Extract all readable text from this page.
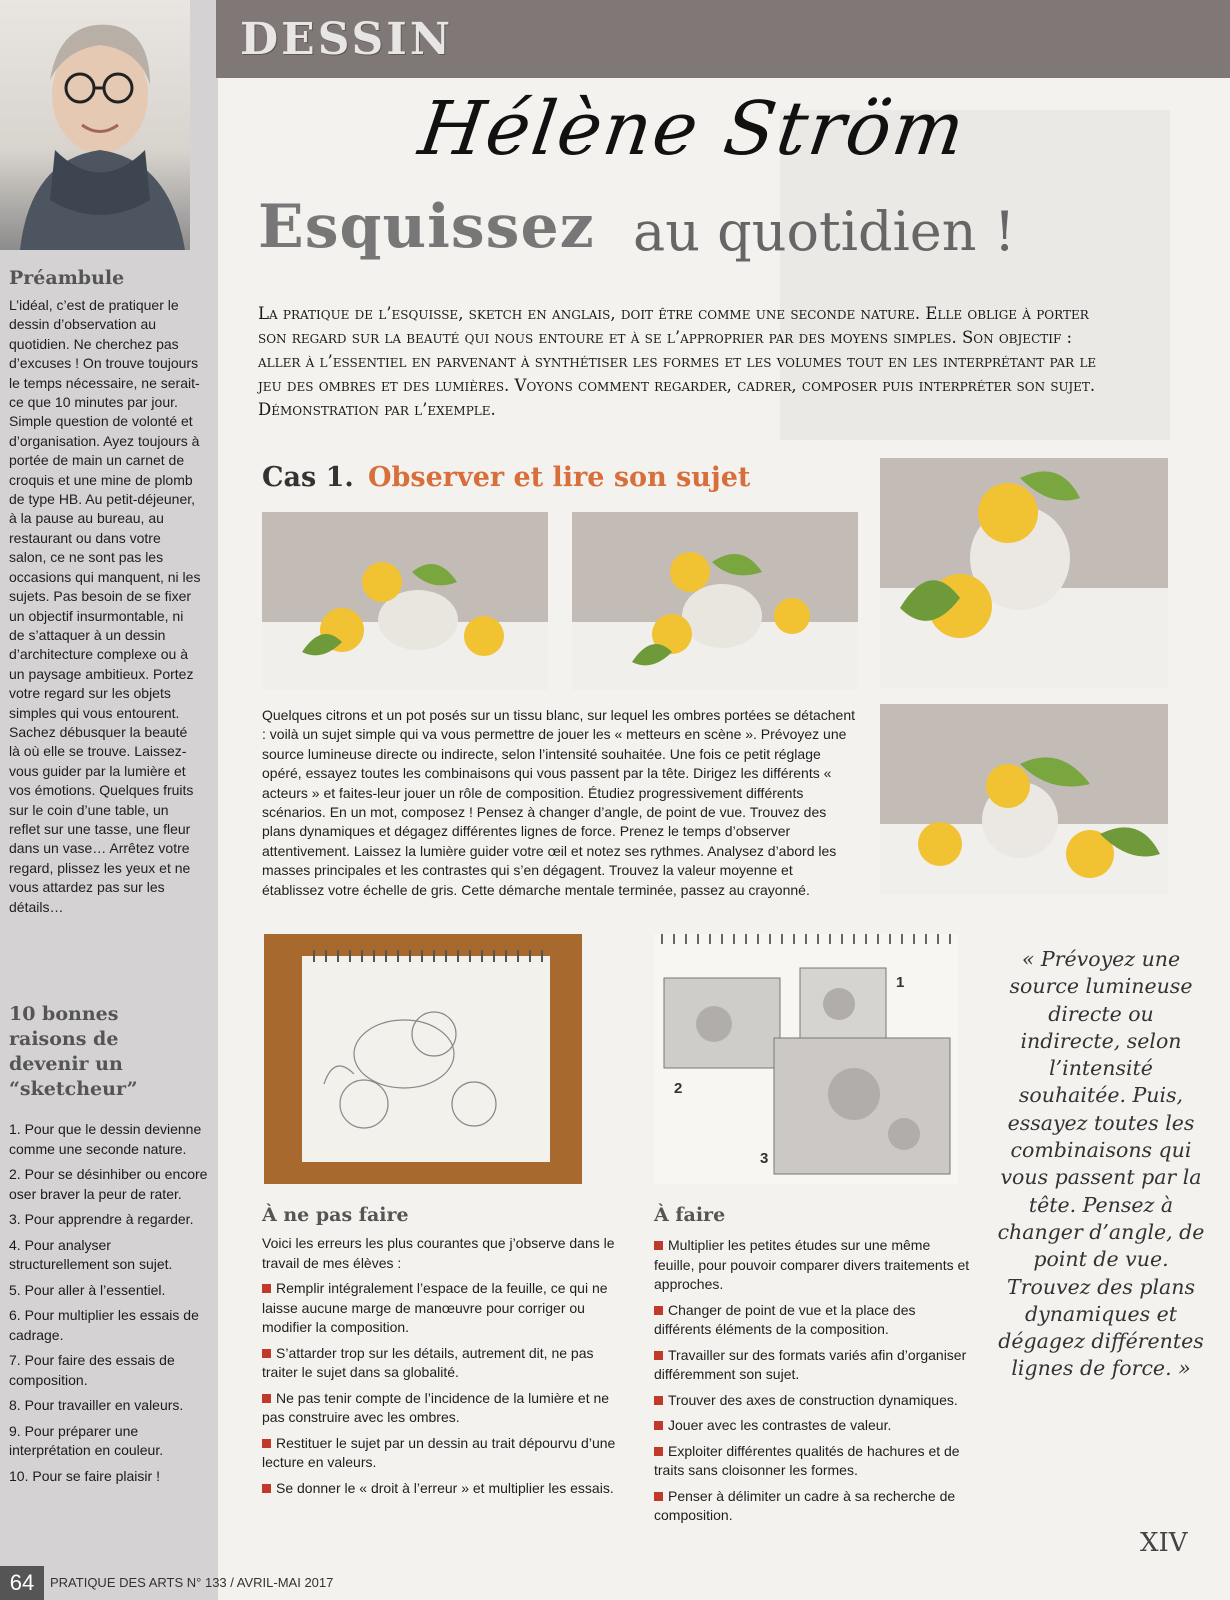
Préambule
L’idéal, c’est de pratiquer le dessin d’observation au quotidien. Ne cherchez pas d’excuses ! On trouve toujours le temps nécessaire, ne serait-ce que 10 minutes par jour. Simple question de volonté et d’organisation. Ayez toujours à portée de main un carnet de croquis et une mine de plomb de type HB. Au petit-déjeuner, à la pause au bureau, au restaurant ou dans votre salon, ce ne sont pas les occasions qui manquent, ni les sujets. Pas besoin de se fixer un objectif insurmontable, ni de s’attaquer à un dessin d’architecture complexe ou à un paysage ambitieux. Portez votre regard sur les objets simples qui vous entourent. Sachez débusquer la beauté là où elle se trouve. Laissez-vous guider par la lumière et vos émotions. Quelques fruits sur le coin d’une table, un reflet sur une tasse, une fleur dans un vase… Arrêtez votre regard, plissez les yeux et ne vous attardez pas sur les détails…
10 bonnes raisons de devenir un “sketcheur”

1. Pour que le dessin devienne comme une seconde nature.

2. Pour se désinhiber ou encore oser braver la peur de rater.

3. Pour apprendre à regarder.

4. Pour analyser structurellement son sujet.

5. Pour aller à l’essentiel.

6. Pour multiplier les essais de cadrage.

7. Pour faire des essais de composition.

8. Pour travailler en valeurs.

9. Pour préparer une interprétation en couleur.

10. Pour se faire plaisir !

DESSIN
Hélène Ström
Esquissez au quotidien !
La pratique de l’esquisse, sketch en anglais, doit être comme une seconde nature. Elle oblige à porter son regard sur la beauté qui nous entoure et à se l’approprier par des moyens simples. Son objectif : aller à l’essentiel en parvenant à synthétiser les formes et les volumes tout en les interprétant par le jeu des ombres et des lumières. Voyons comment regarder, cadrer, composer puis interpréter son sujet. Démonstration par l’exemple.
Cas 1. Observer et lire son sujet
Quelques citrons et un pot posés sur un tissu blanc, sur lequel les ombres portées se détachent : voilà un sujet simple qui va vous permettre de jouer les « metteurs en scène ». Prévoyez une source lumineuse directe ou indirecte, selon l’intensité souhaitée. Une fois ce petit réglage opéré, essayez toutes les combinaisons qui vous passent par la tête. Dirigez les différents « acteurs » et faites-leur jouer un rôle de composition. Étudiez progressivement différents scénarios. En un mot, composez ! Pensez à changer d’angle, de point de vue. Trouvez des plans dynamiques et dégagez différentes lignes de force. Prenez le temps d’observer attentivement. Laissez la lumière guider votre œil et notez ses rythmes. Analysez d’abord les masses principales et les contrastes qui s’en dégagent. Trouvez la valeur moyenne et établissez votre échelle de gris. Cette démarche mentale terminée, passez au crayonné.
1
2
3
À ne pas faire

Voici les erreurs les plus courantes que j’observe dans le travail de mes élèves :

Remplir intégralement l’espace de la feuille, ce qui ne laisse aucune marge de manœuvre pour corriger ou modifier la composition.

S’attarder trop sur les détails, autrement dit, ne pas traiter le sujet dans sa globalité.

Ne pas tenir compte de l’incidence de la lumière et ne pas construire avec les ombres.

Restituer le sujet par un dessin au trait dépourvu d’une lecture en valeurs.

Se donner le « droit à l’erreur » et multiplier les essais.

À faire

Multiplier les petites études sur une même feuille, pour pouvoir comparer divers traitements et approches.

Changer de point de vue et la place des différents éléments de la composition.

Travailler sur des formats variés afin d’organiser différemment son sujet.

Trouver des axes de construction dynamiques.

Jouer avec les contrastes de valeur.

Exploiter différentes qualités de hachures et de traits sans cloisonner les formes.

Penser à délimiter un cadre à sa recherche de composition.

« Prévoyez une source lumineuse directe ou indirecte, selon l’intensité souhaitée. Puis, essayez toutes les combinaisons qui vous passent par la tête. Pensez à changer d’angle, de point de vue. Trouvez des plans dynamiques et dégagez différentes lignes de force. »
64	PRATIQUE DES ARTS N° 133 / AVRIL-MAI 2017
XIV
